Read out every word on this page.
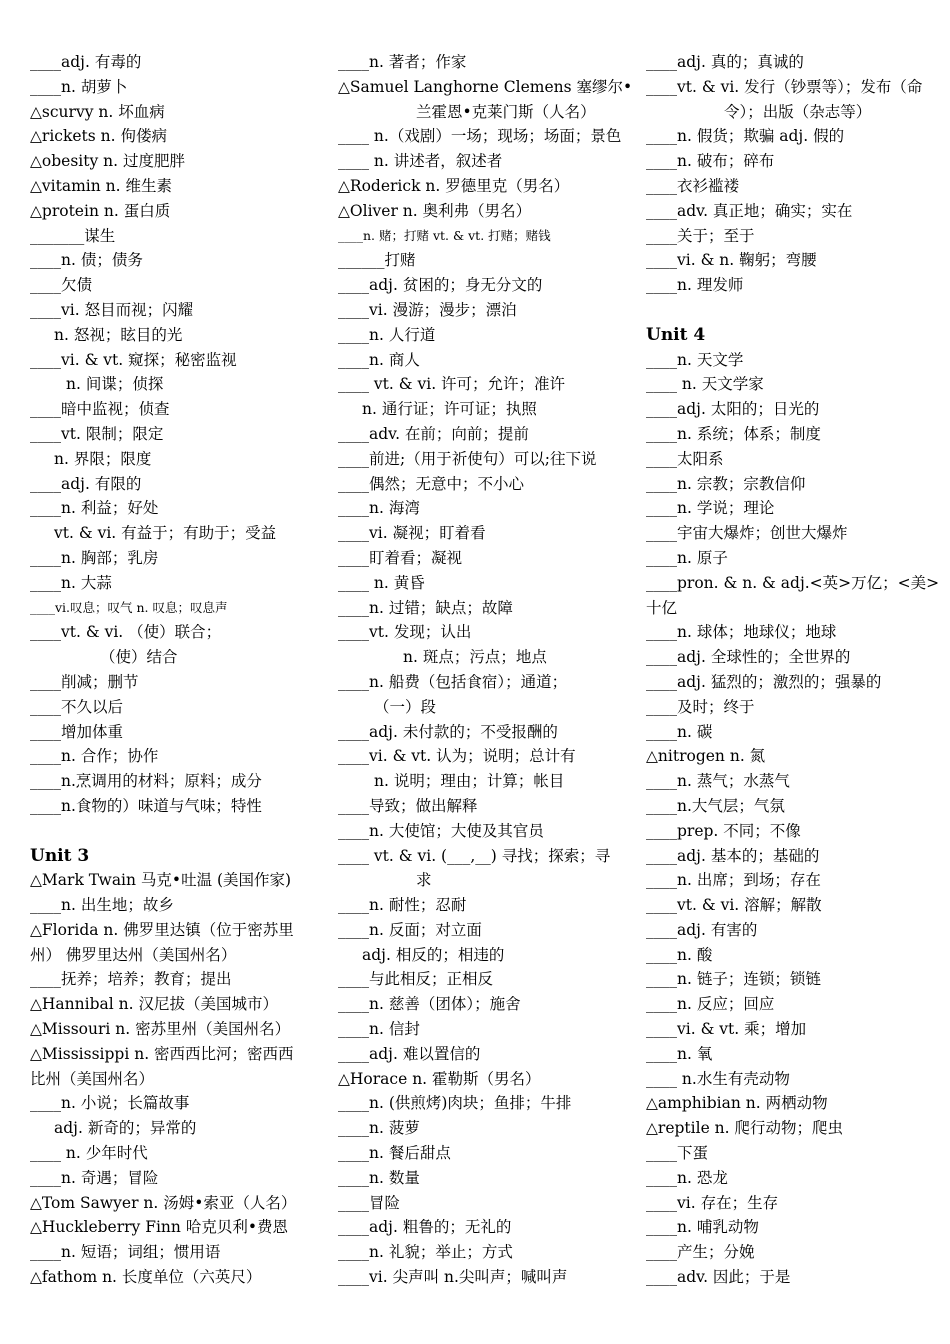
____adj. 有毒的
____n. 胡萝卜
△scurvy n. 坏血病
△rickets n. 佝偻病
△obesity n. 过度肥胖
△vitamin n. 维生素
△protein n. 蛋白质
_______谋生
____n. 债；债务
____欠债
____vi. 怒目而视；闪耀
n. 怒视；眩目的光
____vi. & vt. 窥探；秘密监视
n. 间谍；侦探
____暗中监视；侦查
____vt. 限制；限定
n. 界限；限度
____adj. 有限的
____n. 利益；好处
vt. & vi. 有益于；有助于；受益
____n. 胸部；乳房
____n. 大蒜
____vi.叹息；叹气 n. 叹息；叹息声
____vt. & vi. （使）联合；
（使）结合
____削减；删节
____不久以后
____增加体重
____n. 合作；协作
____n.烹调用的材料；原料；成分
____n.食物的）味道与气味；特性
Unit 3
△Mark Twain 马克•吐温 (美国作家)
____n. 出生地；故乡
△Florida n. 佛罗里达镇（位于密苏里
州） 佛罗里达州（美国州名）
____抚养；培养；教育；提出
△Hannibal n. 汉尼拔（美国城市）
△Missouri n. 密苏里州（美国州名）
△Mississippi n. 密西西比河；密西西
比州（美国州名）
____n. 小说；长篇故事
adj. 新奇的；异常的
____ n. 少年时代
____n. 奇遇；冒险
△Tom Sawyer n. 汤姆•索亚（人名）
△Huckleberry Finn 哈克贝利•费恩
____n. 短语；词组；惯用语
△fathom n. 长度单位（六英尺）
____n. 著者；作家
△Samuel Langhorne Clemens 塞缪尔•
兰霍恩•克莱门斯（人名）
____ n.（戏剧）一场；现场；场面；景色
____ n. 讲述者，叙述者
△Roderick n. 罗德里克（男名）
△Oliver n. 奥利弗（男名）
____n. 赌；打赌 vt. & vt. 打赌；赌钱
______打赌
____adj. 贫困的；身无分文的
____vi. 漫游；漫步；漂泊
____n. 人行道
____n. 商人
____ vt. & vi. 许可；允许；准许
n. 通行证；许可证；执照
____adv. 在前；向前；提前
____前进;（用于祈使句）可以;往下说
____偶然；无意中；不小心
____n. 海湾
____vi. 凝视；盯着看
____盯着看；凝视
____ n. 黄昏
____n. 过错；缺点；故障
____vt. 发现；认出
n. 斑点；污点；地点
____n. 船费（包括食宿）；通道；
（一）段
____adj. 未付款的；不受报酬的
____vi. & vt. 认为；说明；总计有
n. 说明；理由；计算；帐目
____导致；做出解释
____n. 大使馆；大使及其官员
____ vt. & vi. (___,__) 寻找；探索；寻
求
____n. 耐性；忍耐
____n. 反面；对立面
adj. 相反的；相违的
____与此相反；正相反
____n. 慈善（团体）；施舍
____n. 信封
____adj. 难以置信的
△Horace n. 霍勒斯（男名）
____n. (供煎烤)肉块；鱼排；牛排
____n. 菠萝
____n. 餐后甜点
____n. 数量
____冒险
____adj. 粗鲁的；无礼的
____n. 礼貌；举止；方式
____vi. 尖声叫 n.尖叫声；喊叫声
____adj. 真的；真诚的
____vt. & vi. 发行（钞票等）；发布（命
令）；出版（杂志等）
____n. 假货；欺骗 adj. 假的
____n. 破布；碎布
____衣衫褴褛
____adv. 真正地；确实；实在
____关于；至于
____vi. & n. 鞠躬；弯腰
____n. 理发师
Unit 4
____n. 天文学
____ n. 天文学家
____adj. 太阳的；日光的
____n. 系统；体系；制度
____太阳系
____n. 宗教；宗教信仰
____n. 学说；理论
____宇宙大爆炸；创世大爆炸
____n. 原子
____pron. & n. & adj.<英>万亿；<美>
十亿
____n. 球体；地球仪；地球
____adj. 全球性的；全世界的
____adj. 猛烈的；激烈的；强暴的
____及时；终于
____n. 碳
△nitrogen n. 氮
____n. 蒸气；水蒸气
____n.大气层；气氛
____prep. 不同；不像
____adj. 基本的；基础的
____n. 出席；到场；存在
____vt. & vi. 溶解；解散
____adj. 有害的
____n. 酸
____n. 链子；连锁；锁链
____n. 反应；回应
____vi. & vt. 乘；增加
____n. 氧
____ n.水生有壳动物
△amphibian n. 两栖动物
△reptile n. 爬行动物；爬虫
____下蛋
____n. 恐龙
____vi. 存在；生存
____n. 哺乳动物
____产生；分娩
____adv. 因此；于是
